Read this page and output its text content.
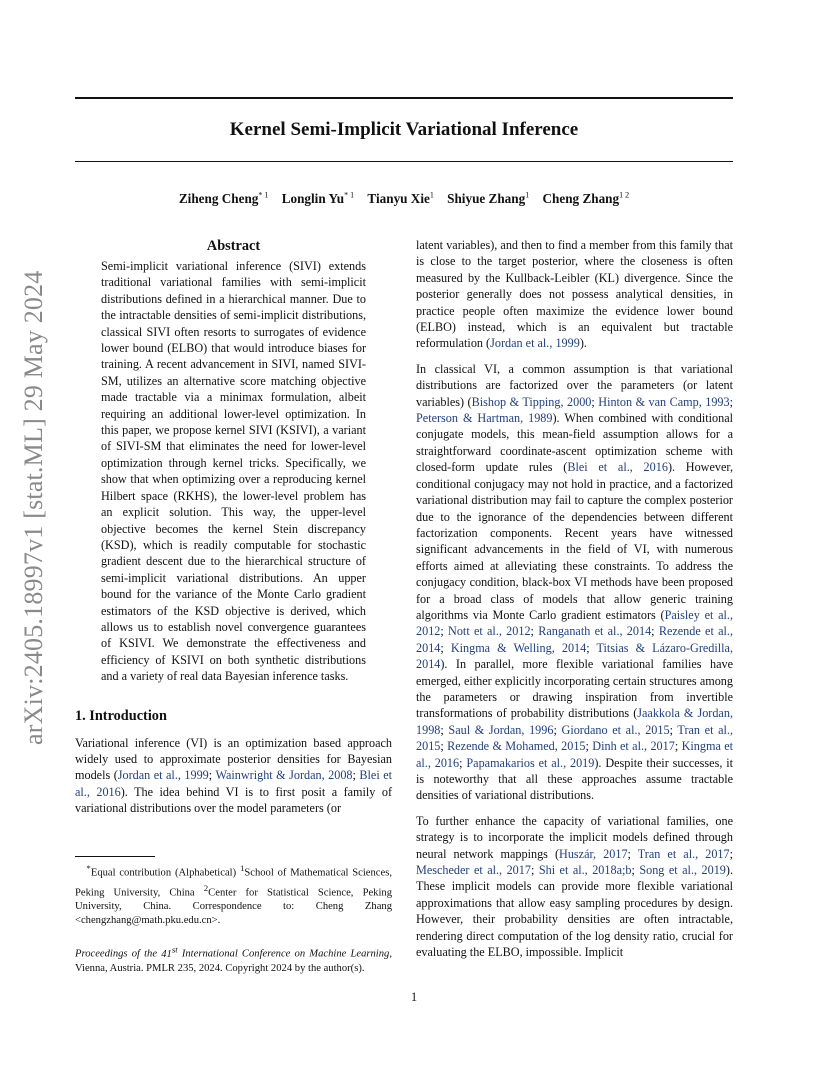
Kernel Semi-Implicit Variational Inference
Ziheng Cheng$^{* 1}$ Longlin Yu$^{* 1}$ Tianyu Xie$^1$ Shiyue Zhang$^1$ Cheng Zhang$^{1 2}$
arXiv:2405.18997v1 [stat.ML] 29 May 2024
Abstract

Semi-implicit variational inference (SIVI) extends traditional variational families with semi-implicit distributions defined in a hierarchical manner. Due to the intractable densities of semi-implicit distributions, classical SIVI often resorts to surrogates of evidence lower bound (ELBO) that would introduce biases for training. A recent advancement in SIVI, named SIVI-SM, utilizes an alternative score matching objective made tractable via a minimax formulation, albeit requiring an additional lower-level optimization. In this paper, we propose kernel SIVI (KSIVI), a variant of SIVI-SM that eliminates the need for lower-level optimization through kernel tricks. Specifically, we show that when optimizing over a reproducing kernel Hilbert space (RKHS), the lower-level problem has an explicit solution. This way, the upper-level objective becomes the kernel Stein discrepancy (KSD), which is readily computable for stochastic gradient descent due to the hierarchical structure of semi-implicit variational distributions. An upper bound for the variance of the Monte Carlo gradient estimators of the KSD objective is derived, which allows us to establish novel convergence guarantees of KSIVI. We demonstrate the effectiveness and efficiency of KSIVI on both synthetic distributions and a variety of real data Bayesian inference tasks.

1. Introduction

Variational inference (VI) is an optimization based approach widely used to approximate posterior densities for Bayesian models (Jordan et al., 1999; Wainwright & Jordan, 2008; Blei et al., 2016). The idea behind VI is to first posit a family of variational distributions over the model parameters (or

*Equal contribution (Alphabetical) $^1$School of Mathematical Sciences, Peking University, China $^2$Center for Statistical Science, Peking University, China. Correspondence to: Cheng Zhang <chengzhang@math.pku.edu.cn>.

Proceedings of the 41st International Conference on Machine Learning, Vienna, Austria. PMLR 235, 2024. Copyright 2024 by the author(s).

latent variables), and then to find a member from this family that is close to the target posterior, where the closeness is often measured by the Kullback-Leibler (KL) divergence. Since the posterior generally does not possess analytical densities, in practice people often maximize the evidence lower bound (ELBO) instead, which is an equivalent but tractable reformulation (Jordan et al., 1999).

In classical VI, a common assumption is that variational distributions are factorized over the parameters (or latent variables) (Bishop & Tipping, 2000; Hinton & van Camp, 1993; Peterson & Hartman, 1989). When combined with conditional conjugate models, this mean-field assumption allows for a straightforward coordinate-ascent optimization scheme with closed-form update rules (Blei et al., 2016). However, conditional conjugacy may not hold in practice, and a factorized variational distribution may fail to capture the complex posterior due to the ignorance of the dependencies between different factorization components. Recent years have witnessed significant advancements in the field of VI, with numerous efforts aimed at alleviating these constraints. To address the conjugacy condition, black-box VI methods have been proposed for a broad class of models that allow generic training algorithms via Monte Carlo gradient estimators (Paisley et al., 2012; Nott et al., 2012; Ranganath et al., 2014; Rezende et al., 2014; Kingma & Welling, 2014; Titsias & Lázaro-Gredilla, 2014). In parallel, more flexible variational families have emerged, either explicitly incorporating certain structures among the parameters or drawing inspiration from invertible transformations of probability distributions (Jaakkola & Jordan, 1998; Saul & Jordan, 1996; Giordano et al., 2015; Tran et al., 2015; Rezende & Mohamed, 2015; Dinh et al., 2017; Kingma et al., 2016; Papamakarios et al., 2019). Despite their successes, it is noteworthy that all these approaches assume tractable densities of variational distributions.

To further enhance the capacity of variational families, one strategy is to incorporate the implicit models defined through neural network mappings (Huszár, 2017; Tran et al., 2017; Mescheder et al., 2017; Shi et al., 2018a;b; Song et al., 2019). These implicit models can provide more flexible variational approximations that allow easy sampling procedures by design. However, their probability densities are often intractable, rendering direct computation of the log density ratio, crucial for evaluating the ELBO, impossible. Implicit

1
